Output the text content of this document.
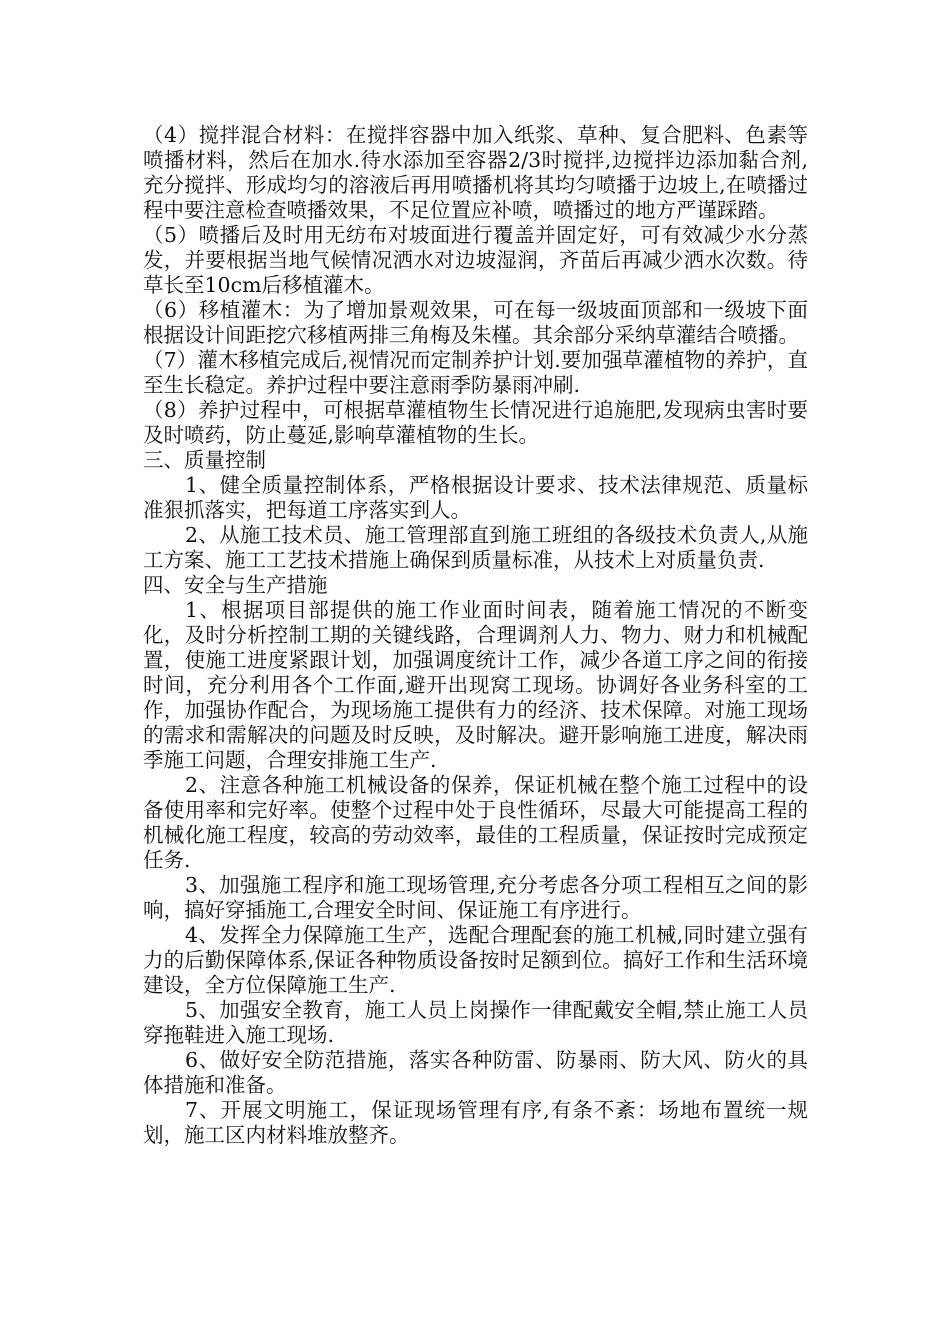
（4）搅拌混合材料：在搅拌容器中加入纸浆、草种、复合肥料、色素等喷播材料，然后在加水.待水添加至容器2/3时搅拌,边搅拌边添加黏合剂,充分搅拌、形成均匀的溶液后再用喷播机将其均匀喷播于边坡上,在喷播过程中要注意检查喷播效果，不足位置应补喷，喷播过的地方严谨踩踏。

（5）喷播后及时用无纺布对坡面进行覆盖并固定好，可有效减少水分蒸发，并要根据当地气候情况洒水对边坡湿润，齐苗后再减少洒水次数。待草长至10cm后移植灌木。

（6）移植灌木：为了增加景观效果，可在每一级坡面顶部和一级坡下面根据设计间距挖穴移植两排三角梅及朱槿。其余部分采纳草灌结合喷播。

（7）灌木移植完成后,视情况而定制养护计划.要加强草灌植物的养护，直至生长稳定。养护过程中要注意雨季防暴雨冲刷.

（8）养护过程中，可根据草灌植物生长情况进行追施肥,发现病虫害时要及时喷药，防止蔓延,影响草灌植物的生长。

三、质量控制

1、健全质量控制体系，严格根据设计要求、技术法律规范、质量标准狠抓落实，把每道工序落实到人。

2、从施工技术员、施工管理部直到施工班组的各级技术负责人,从施工方案、施工工艺技术措施上确保到质量标准，从技术上对质量负责.

四、安全与生产措施

1、根据项目部提供的施工作业面时间表，随着施工情况的不断变化，及时分析控制工期的关键线路，合理调剂人力、物力、财力和机械配置，使施工进度紧跟计划，加强调度统计工作，减少各道工序之间的衔接时间，充分利用各个工作面,避开出现窝工现场。协调好各业务科室的工作，加强协作配合，为现场施工提供有力的经济、技术保障。对施工现场的需求和需解决的问题及时反映，及时解决。避开影响施工进度，解决雨季施工问题，合理安排施工生产.

2、注意各种施工机械设备的保养，保证机械在整个施工过程中的设备使用率和完好率。使整个过程中处于良性循环，尽最大可能提高工程的机械化施工程度，较高的劳动效率，最佳的工程质量，保证按时完成预定任务.

3、加强施工程序和施工现场管理,充分考虑各分项工程相互之间的影响，搞好穿插施工,合理安全时间、保证施工有序进行。

4、发挥全力保障施工生产，选配合理配套的施工机械,同时建立强有力的后勤保障体系,保证各种物质设备按时足额到位。搞好工作和生活环境建设，全方位保障施工生产.

5、加强安全教育，施工人员上岗操作一律配戴安全帽,禁止施工人员穿拖鞋进入施工现场.

6、做好安全防范措施，落实各种防雷、防暴雨、防大风、防火的具体措施和准备。

7、开展文明施工，保证现场管理有序,有条不紊：场地布置统一规划，施工区内材料堆放整齐。
